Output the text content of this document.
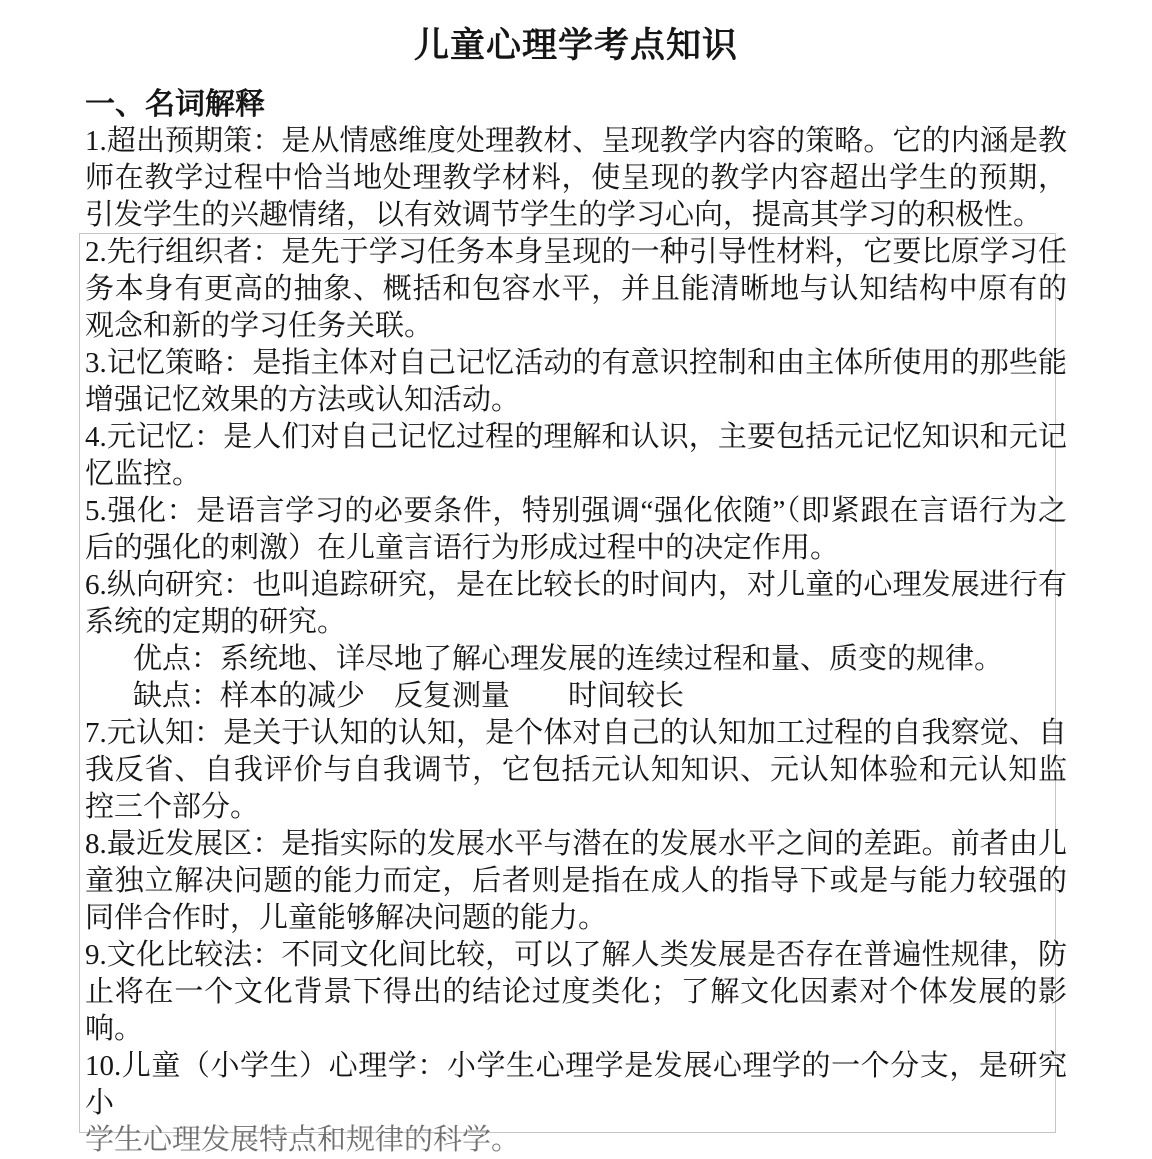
儿童心理学考点知识
一、名词解释

1.超出预期策：是从情感维度处理教材、呈现教学内容的策略。它的内涵是教师在教学过程中恰当地处理教学材料，使呈现的教学内容超出学生的预期，引发学生的兴趣情绪，以有效调节学生的学习心向，提高其学习的积极性。

2.先行组织者：是先于学习任务本身呈现的一种引导性材料，它要比原学习任务本身有更高的抽象、概括和包容水平，并且能清晰地与认知结构中原有的观念和新的学习任务关联。

3.记忆策略：是指主体对自己记忆活动的有意识控制和由主体所使用的那些能增强记忆效果的方法或认知活动。

4.元记忆：是人们对自己记忆过程的理解和认识，主要包括元记忆知识和元记忆监控。

5.强化：是语言学习的必要条件，特别强调“强化依随”（即紧跟在言语行为之后的强化的刺激）在儿童言语行为形成过程中的决定作用。

6.纵向研究：也叫追踪研究，是在比较长的时间内，对儿童的心理发展进行有系统的定期的研究。

优点：系统地、详尽地了解心理发展的连续过程和量、质变的规律。
缺点：样本的减少　反复测量　　时间较长

7.元认知：是关于认知的认知，是个体对自己的认知加工过程的自我察觉、自我反省、自我评价与自我调节，它包括元认知知识、元认知体验和元认知监控三个部分。

8.最近发展区：是指实际的发展水平与潜在的发展水平之间的差距。前者由儿童独立解决问题的能力而定，后者则是指在成人的指导下或是与能力较强的同伴合作时，儿童能够解决问题的能力。

9.文化比较法：不同文化间比较，可以了解人类发展是否存在普遍性规律，防止将在一个文化背景下得出的结论过度类化；了解文化因素对个体发展的影响。

10.儿童（小学生）心理学：小学生心理学是发展心理学的一个分支，是研究小

学生心理发展特点和规律的科学。
